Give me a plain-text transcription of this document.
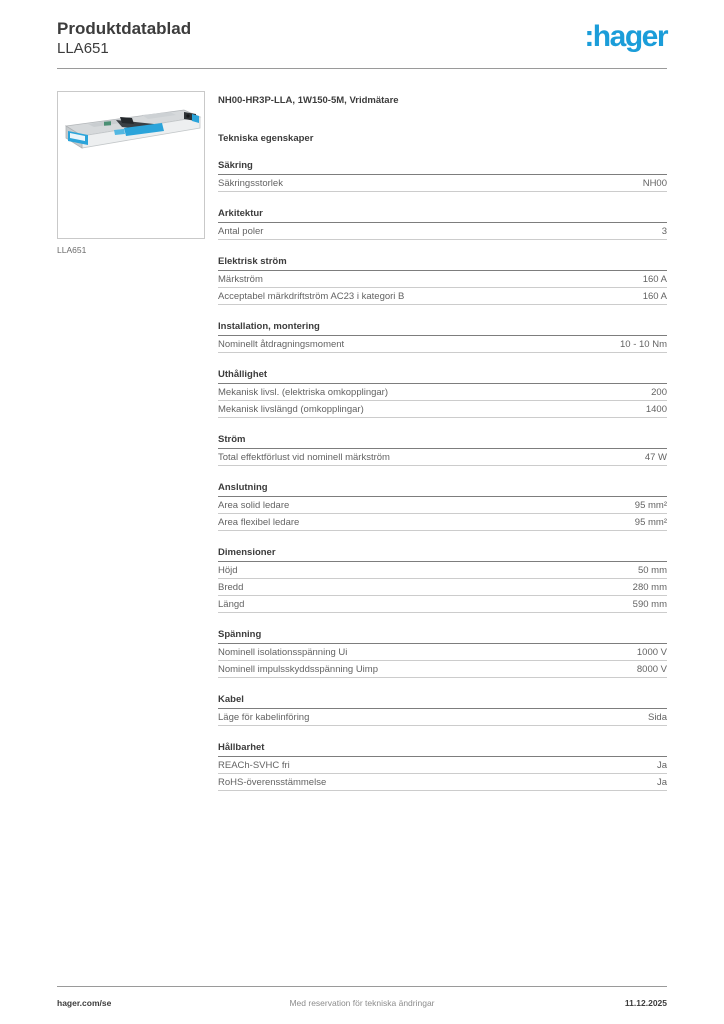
Produktdatablad
LLA651	:hager
LLA651
NH00-HR3P-LLA, 1W150-5M, Vridmätare
Tekniska egenskaper
Säkring
Säkringsstorlek	NH00
Arkitektur
Antal poler	3
Elektrisk ström
Märkström	160 A
Acceptabel märkdriftström AC23 i kategori B	160 A
Installation, montering
Nominellt åtdragningsmoment	10 - 10 Nm
Uthållighet
Mekanisk livsl. (elektriska omkopplingar)	200
Mekanisk livslängd (omkopplingar)	1400
Ström
Total effektförlust vid nominell märkström	47 W
Anslutning
Area solid ledare	95 mm²
Area flexibel ledare	95 mm²
Dimensioner
Höjd	50 mm
Bredd	280 mm
Längd	590 mm
Spänning
Nominell isolationsspänning Ui	1000 V
Nominell impulsskyddsspänning Uimp	8000 V
Kabel
Läge för kabelinföring	Sida
Hållbarhet
REACh-SVHC fri	Ja
RoHS-överensstämmelse	Ja
hager.com/se	Med reservation för tekniska ändringar	11.12.2025
